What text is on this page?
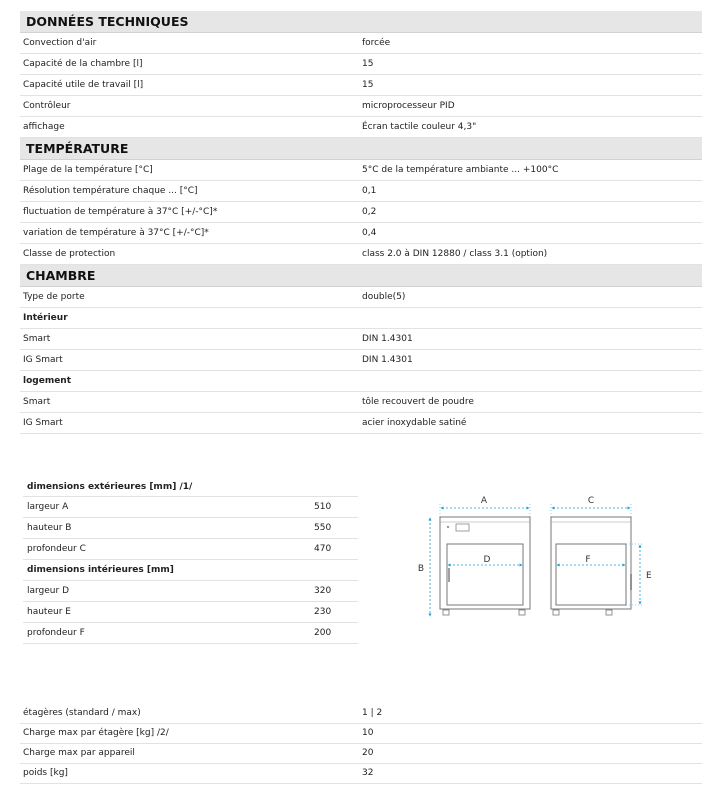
DONNÉES TECHNIQUES
Convection d'air	forcée
Capacité de la chambre [l]	15
Capacité utile de travail [l]	15
Contrôleur	microprocesseur PID
affichage	Écran tactile couleur 4,3"
TEMPÉRATURE
Plage de la température [°C]	5°C de la température ambiante ... +100°C
Résolution température chaque ... [°C]	0,1
fluctuation de température à 37°C [+/-°C]*	0,2
variation de température à 37°C [+/-°C]*	0,4
Classe de protection	class 2.0 à DIN 12880 / class 3.1 (option)
CHAMBRE
Type de porte	double(5)
Intérieur
Smart	DIN 1.4301
IG Smart	DIN 1.4301
logement
Smart	tôle recouvert de poudre
IG Smart	acier inoxydable satiné
dimensions extérieures [mm] /1/
largeur A	510
hauteur B	550
profondeur C	470
dimensions intérieures [mm]
largeur D	320
hauteur E	230
profondeur F	200
A
B
D
C
F
E
étagères (standard / max)	1 | 2
Charge max par étagère [kg] /2/	10
Charge max par appareil	20
poids [kg]	32
